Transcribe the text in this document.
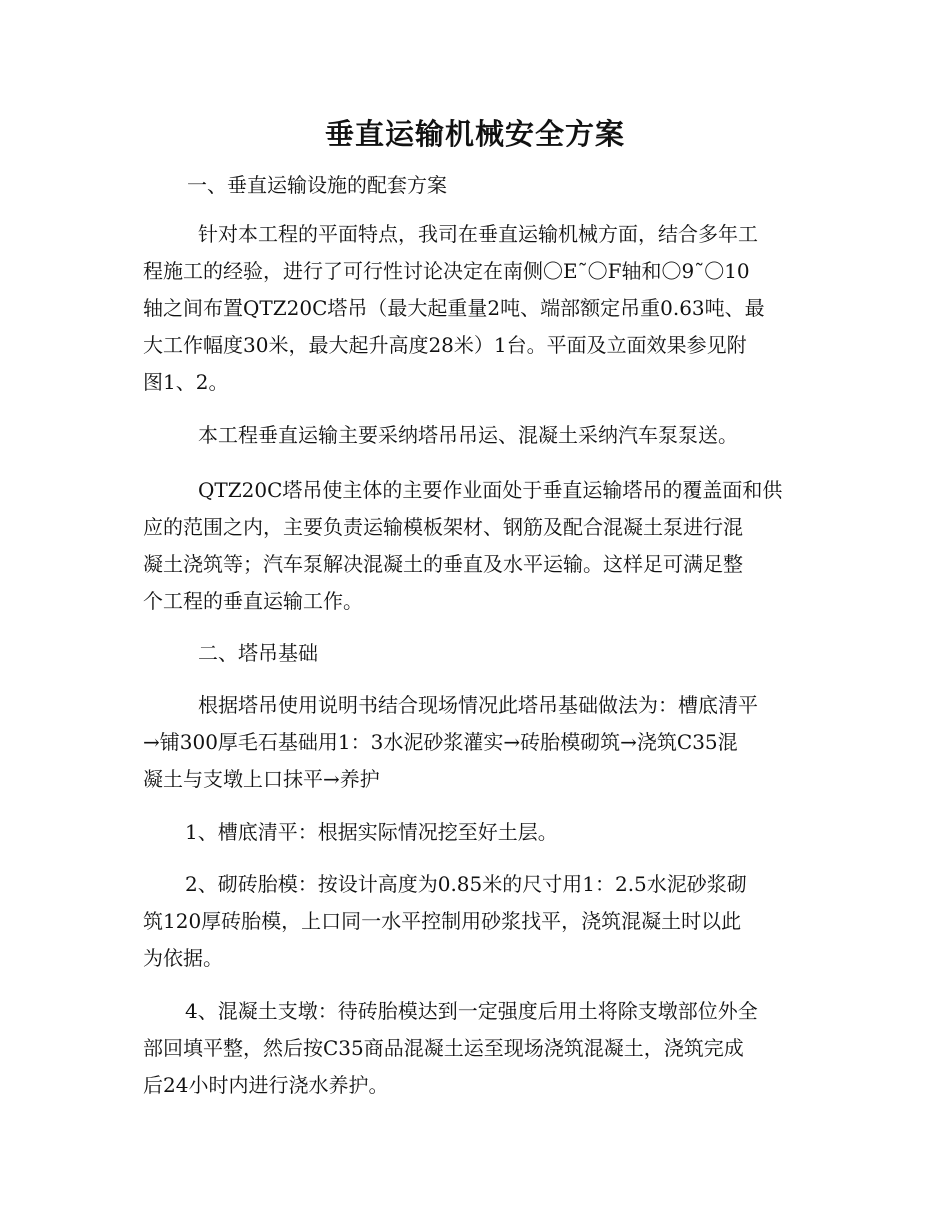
垂直运输机械安全方案
一、垂直运输设施的配套方案
针对本工程的平面特点，我司在垂直运输机械方面，结合多年工
程施工的经验，进行了可行性讨论决定在南侧〇E˜〇F轴和〇9˜〇10
轴之间布置QTZ20C塔吊（最大起重量2吨、端部额定吊重0.63吨、最
大工作幅度30米，最大起升高度28米）1台。平面及立面效果参见附
图1、2。
本工程垂直运输主要采纳塔吊吊运、混凝土采纳汽车泵泵送。
QTZ20C塔吊使主体的主要作业面处于垂直运输塔吊的覆盖面和供
应的范围之内，主要负责运输模板架材、钢筋及配合混凝土泵进行混
凝土浇筑等；汽车泵解决混凝土的垂直及水平运输。这样足可满足整
个工程的垂直运输工作。
二、塔吊基础
根据塔吊使用说明书结合现场情况此塔吊基础做法为：槽底清平
→铺300厚毛石基础用1：3水泥砂浆灌实→砖胎模砌筑→浇筑C35混
凝土与支墩上口抹平→养护
1、槽底清平：根据实际情况挖至好土层。
2、砌砖胎模：按设计高度为0.85米的尺寸用1：2.5水泥砂浆砌
筑120厚砖胎模，上口同一水平控制用砂浆找平，浇筑混凝土时以此
为依据。
4、混凝土支墩：待砖胎模达到一定强度后用土将除支墩部位外全
部回填平整，然后按C35商品混凝土运至现场浇筑混凝土，浇筑完成
后24小时内进行浇水养护。
